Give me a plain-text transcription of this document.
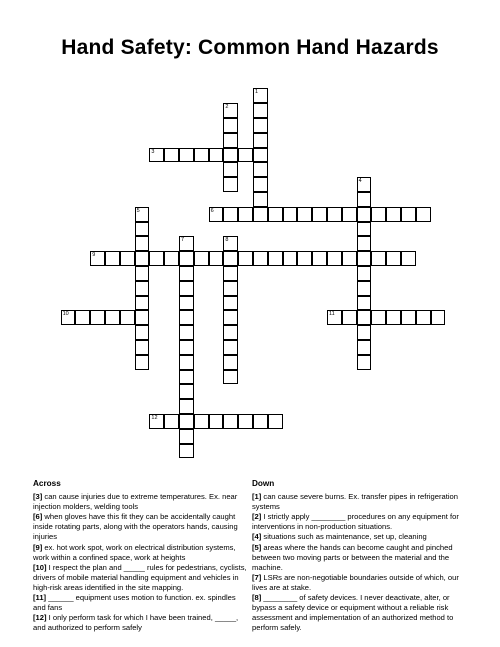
Hand Safety: Common Hand Hazards
1
2
3
4
5	6
7	8
9
10	11
12
Across

[3] can cause injuries due to extreme temperatures. Ex. near injection molders, welding tools

[6] when gloves have this fit they can be accidentally caught inside rotating parts, along with the operators hands, causing injuries

[9] ex. hot work spot, work on electrical distribution systems, work within a confined space, work at heights

[10] I respect the plan and _____ rules for pedestrians, cyclists, drivers of mobile material handling equipment and vehicles in high-risk areas identified in the site mapping.

[11] ______ equipment uses motion to function. ex. spindles and fans

[12] I only perform task for which I have been trained, _____, and authorized to perform safely

Down

[1] can cause severe burns. Ex. transfer pipes in refrigeration systems

[2] I strictly apply ________ procedures on any equipment for interventions in non-production situations.

[4] situations such as maintenance, set up, cleaning

[5] areas where the hands can become caught and pinched between two moving parts or between the material and the machine.

[7] LSRs are non-negotiable boundaries outside of which, our lives are at stake.

[8] ________ of safety devices. I never deactivate, alter, or bypass a safety device or equipment without a reliable risk assessment and implementation of an authorized method to perform safely.
